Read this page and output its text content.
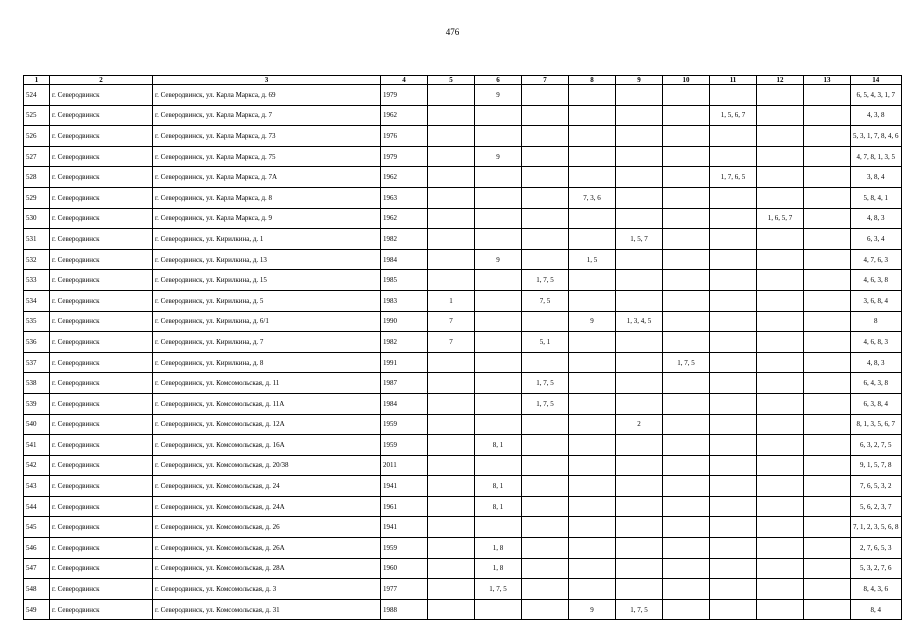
476
1	2	3	4	5	6	7	8	9	10	11	12	13	14
524	г. Северодвинск	г. Северодвинск, ул. Карла Маркса, д. 69	1979		9								6, 5, 4, 3, 1, 7
525	г. Северодвинск	г. Северодвинск, ул. Карла Маркса, д. 7	1962							1, 5, 6, 7			4, 3, 8
526	г. Северодвинск	г. Северодвинск, ул. Карла Маркса, д. 73	1976										5, 3, 1, 7, 8, 4, 6
527	г. Северодвинск	г. Северодвинск, ул. Карла Маркса, д. 75	1979		9								4, 7, 8, 1, 3, 5
528	г. Северодвинск	г. Северодвинск, ул. Карла Маркса, д. 7А	1962							1, 7, 6, 5			3, 8, 4
529	г. Северодвинск	г. Северодвинск, ул. Карла Маркса, д. 8	1963				7, 3, 6						5, 8, 4, 1
530	г. Северодвинск	г. Северодвинск, ул. Карла Маркса, д. 9	1962								1, 6, 5, 7		4, 8, 3
531	г. Северодвинск	г. Северодвинск, ул. Кирилкина, д. 1	1982					1, 5, 7					6, 3, 4
532	г. Северодвинск	г. Северодвинск, ул. Кирилкина, д. 13	1984		9		1, 5						4, 7, 6, 3
533	г. Северодвинск	г. Северодвинск, ул. Кирилкина, д. 15	1985			1, 7, 5							4, 6, 3, 8
534	г. Северодвинск	г. Северодвинск, ул. Кирилкина, д. 5	1983	1		7, 5							3, 6, 8, 4
535	г. Северодвинск	г. Северодвинск, ул. Кирилкина, д. 6/1	1990	7			9	1, 3, 4, 5					8
536	г. Северодвинск	г. Северодвинск, ул. Кирилкина, д. 7	1982	7		5, 1							4, 6, 8, 3
537	г. Северодвинск	г. Северодвинск, ул. Кирилкина, д. 8	1991						1, 7, 5				4, 8, 3
538	г. Северодвинск	г. Северодвинск, ул. Комсомольская, д. 11	1987			1, 7, 5							6, 4, 3, 8
539	г. Северодвинск	г. Северодвинск, ул. Комсомольская, д. 11А	1984			1, 7, 5							6, 3, 8, 4
540	г. Северодвинск	г. Северодвинск, ул. Комсомольская, д. 12А	1959					2					8, 1, 3, 5, 6, 7
541	г. Северодвинск	г. Северодвинск, ул. Комсомольская, д. 16А	1959		8, 1								6, 3, 2, 7, 5
542	г. Северодвинск	г. Северодвинск, ул. Комсомольская, д. 20/38	2011										9, 1, 5, 7, 8
543	г. Северодвинск	г. Северодвинск, ул. Комсомольская, д. 24	1941		8, 1								7, 6, 5, 3, 2
544	г. Северодвинск	г. Северодвинск, ул. Комсомольская, д. 24А	1961		8, 1								5, 6, 2, 3, 7
545	г. Северодвинск	г. Северодвинск, ул. Комсомольская, д. 26	1941										7, 1, 2, 3, 5, 6, 8
546	г. Северодвинск	г. Северодвинск, ул. Комсомольская, д. 26А	1959		1, 8								2, 7, 6, 5, 3
547	г. Северодвинск	г. Северодвинск, ул. Комсомольская, д. 28А	1960		1, 8								5, 3, 2, 7, 6
548	г. Северодвинск	г. Северодвинск, ул. Комсомольская, д. 3	1977		1, 7, 5								8, 4, 3, 6
549	г. Северодвинск	г. Северодвинск, ул. Комсомольская, д. 31	1988				9	1, 7, 5					8, 4
